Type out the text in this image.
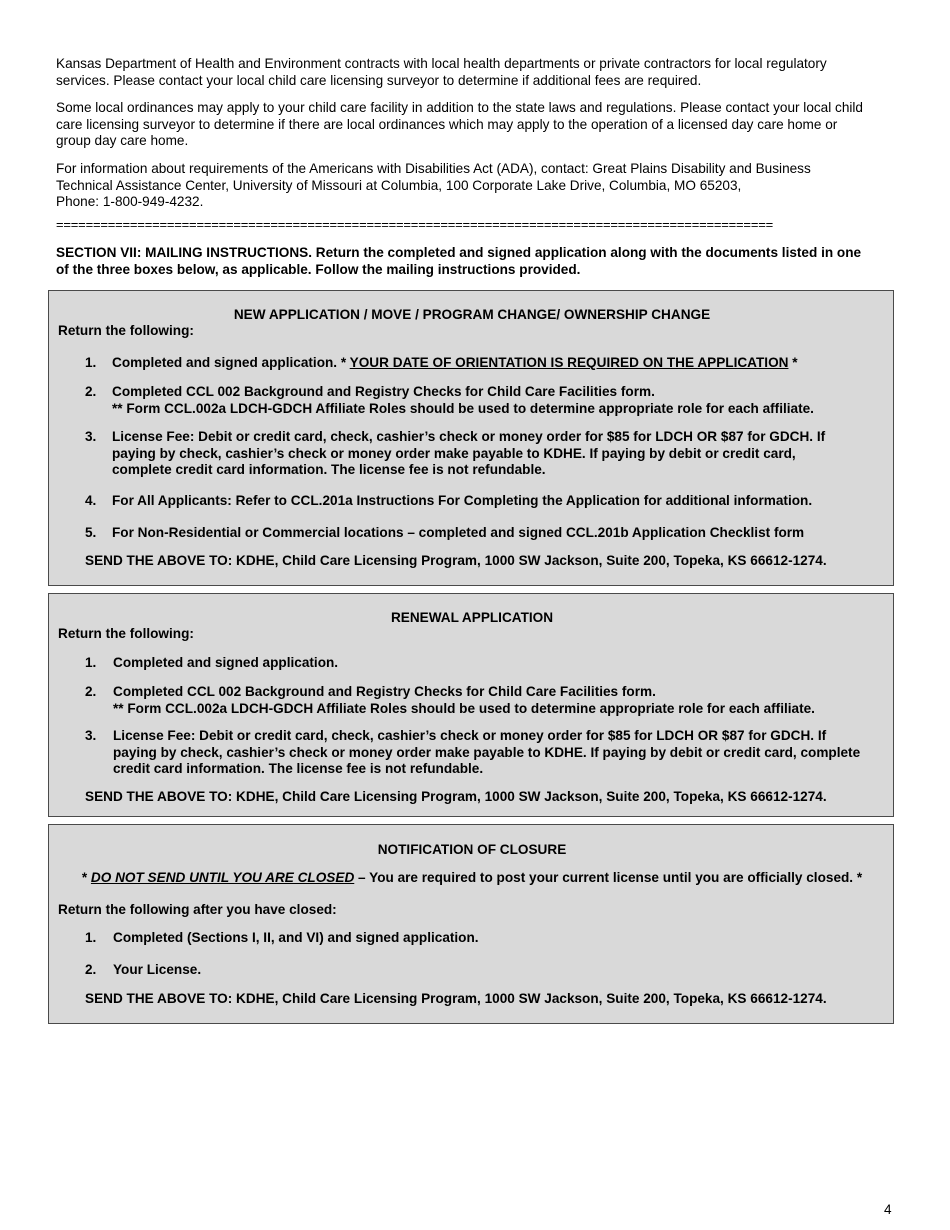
Kansas Department of Health and Environment contracts with local health departments or private contractors for local regulatory
services. Please contact your local child care licensing surveyor to determine if additional fees are required.

Some local ordinances may apply to your child care facility in addition to the state laws and regulations. Please contact your local child
care licensing surveyor to determine if there are local ordinances which may apply to the operation of a licensed day care home or
group day care home.

For information about requirements of the Americans with Disabilities Act (ADA), contact: Great Plains Disability and Business
Technical Assistance Center, University of Missouri at Columbia, 100 Corporate Lake Drive, Columbia, MO 65203,
Phone: 1-800-949-4232.

=================================================================================================

SECTION VII: MAILING INSTRUCTIONS. Return the completed and signed application along with the documents listed in one
of the three boxes below, as applicable. Follow the mailing instructions provided.

NEW APPLICATION / MOVE / PROGRAM CHANGE/ OWNERSHIP CHANGE
Return the following:
1. Completed and signed application. * YOUR DATE OF ORIENTATION IS REQUIRED ON THE APPLICATION *
2. Completed CCL 002 Background and Registry Checks for Child Care Facilities form.
** Form CCL.002a LDCH-GDCH Affiliate Roles should be used to determine appropriate role for each affiliate.
3. License Fee: Debit or credit card, check, cashier’s check or money order for $85 for LDCH OR $87 for GDCH. If
paying by check, cashier’s check or money order make payable to KDHE. If paying by debit or credit card,
complete credit card information. The license fee is not refundable.
4. For All Applicants: Refer to CCL.201a Instructions For Completing the Application for additional information.
5. For Non-Residential or Commercial locations – completed and signed CCL.201b Application Checklist form
SEND THE ABOVE TO: KDHE, Child Care Licensing Program, 1000 SW Jackson, Suite 200, Topeka, KS 66612-1274.
RENEWAL APPLICATION
Return the following:
1. Completed and signed application.
2. Completed CCL 002 Background and Registry Checks for Child Care Facilities form.
** Form CCL.002a LDCH-GDCH Affiliate Roles should be used to determine appropriate role for each affiliate.
3. License Fee: Debit or credit card, check, cashier’s check or money order for $85 for LDCH OR $87 for GDCH. If
paying by check, cashier’s check or money order make payable to KDHE. If paying by debit or credit card, complete
credit card information. The license fee is not refundable.
SEND THE ABOVE TO: KDHE, Child Care Licensing Program, 1000 SW Jackson, Suite 200, Topeka, KS 66612-1274.
NOTIFICATION OF CLOSURE
* DO NOT SEND UNTIL YOU ARE CLOSED – You are required to post your current license until you are officially closed. *
Return the following after you have closed:
1. Completed (Sections I, II, and VI) and signed application.
2. Your License.
SEND THE ABOVE TO: KDHE, Child Care Licensing Program, 1000 SW Jackson, Suite 200, Topeka, KS 66612-1274.
4
